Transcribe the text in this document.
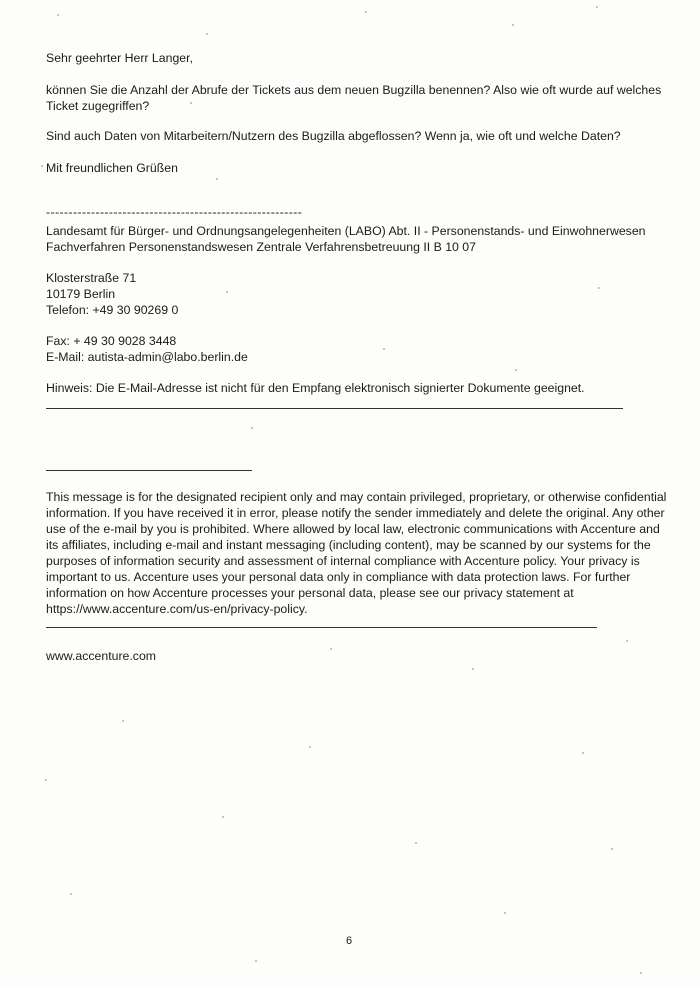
Sehr geehrter Herr Langer,
können Sie die Anzahl der Abrufe der Tickets aus dem neuen Bugzilla benennen? Also wie oft wurde auf welches
Ticket zugegriffen?
Sind auch Daten von Mitarbeitern/Nutzern des Bugzilla abgeflossen? Wenn ja, wie oft und welche Daten?
Mit freundlichen Grüßen
---------------------------------------------------------
Landesamt für Bürger- und Ordnungsangelegenheiten (LABO) Abt. II - Personenstands- und Einwohnerwesen
Fachverfahren Personenstandswesen Zentrale Verfahrensbetreuung II B 10 07
Klosterstraße 71
10179 Berlin
Telefon: +49 30 90269 0
Fax: + 49 30 9028 3448
E-Mail: autista-admin@labo.berlin.de
Hinweis: Die E-Mail-Adresse ist nicht für den Empfang elektronisch signierter Dokumente geeignet.
This message is for the designated recipient only and may contain privileged, proprietary, or otherwise confidential
information. If you have received it in error, please notify the sender immediately and delete the original. Any other
use of the e-mail by you is prohibited. Where allowed by local law, electronic communications with Accenture and
its affiliates, including e-mail and instant messaging (including content), may be scanned by our systems for the
purposes of information security and assessment of internal compliance with Accenture policy. Your privacy is
important to us. Accenture uses your personal data only in compliance with data protection laws. For further
information on how Accenture processes your personal data, please see our privacy statement at
https://www.accenture.com/us-en/privacy-policy.
www.accenture.com
6
